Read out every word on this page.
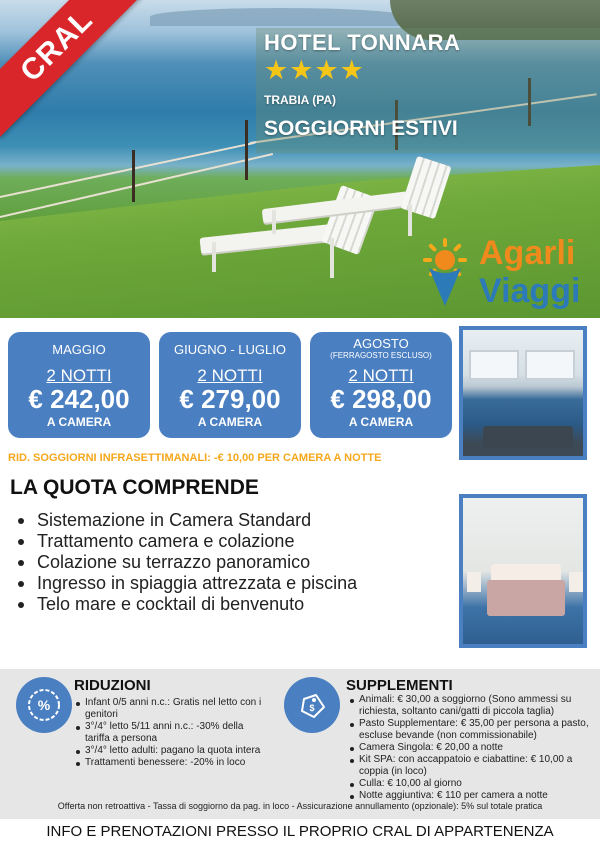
CRAL	HOTEL TONNARA
★★★★
TRABIA (PA)
SOGGIORNI ESTIVI
Agarli
Viaggi
MAGGIO
2 NOTTI
€ 242,00
A CAMERA
GIUGNO - LUGLIO
2 NOTTI
€ 279,00
A CAMERA
AGOSTO
(FERRAGOSTO ESCLUSO)
2 NOTTI
€ 298,00
A CAMERA
RID. SOGGIORNI INFRASETTIMANALI: -€ 10,00 PER CAMERA A NOTTE
LA QUOTA COMPRENDE
Sistemazione in Camera Standard
Trattamento camera e colazione
Colazione su terrazzo panoramico
Ingresso in spiaggia attrezzata e piscina
Telo mare e cocktail di benvenuto
%
RIDUZIONI
Infant 0/5 anni n.c.: Gratis nel letto con i genitori
3°/4° letto 5/11 anni n.c.: -30% della tariffa a persona
3°/4° letto adulti: pagano la quota intera
Trattamenti benessere: -20% in loco
$
SUPPLEMENTI
Animali: € 30,00 a soggiorno (Sono ammessi su richiesta, soltanto cani/gatti di piccola taglia)
Pasto Supplementare: € 35,00 per persona a pasto, escluse bevande (non commissionabile)
Camera Singola: € 20,00 a notte
Kit SPA: con accappatoio e ciabattine: € 10,00 a coppia (in loco)
Culla: € 10,00 al giorno
Notte aggiuntiva: € 110 per camera a notte
Offerta non retroattiva - Tassa di soggiorno da pag. in loco - Assicurazione annullamento (opzionale): 5% sul totale pratica
INFO E PRENOTAZIONI PRESSO IL PROPRIO CRAL DI APPARTENENZA
